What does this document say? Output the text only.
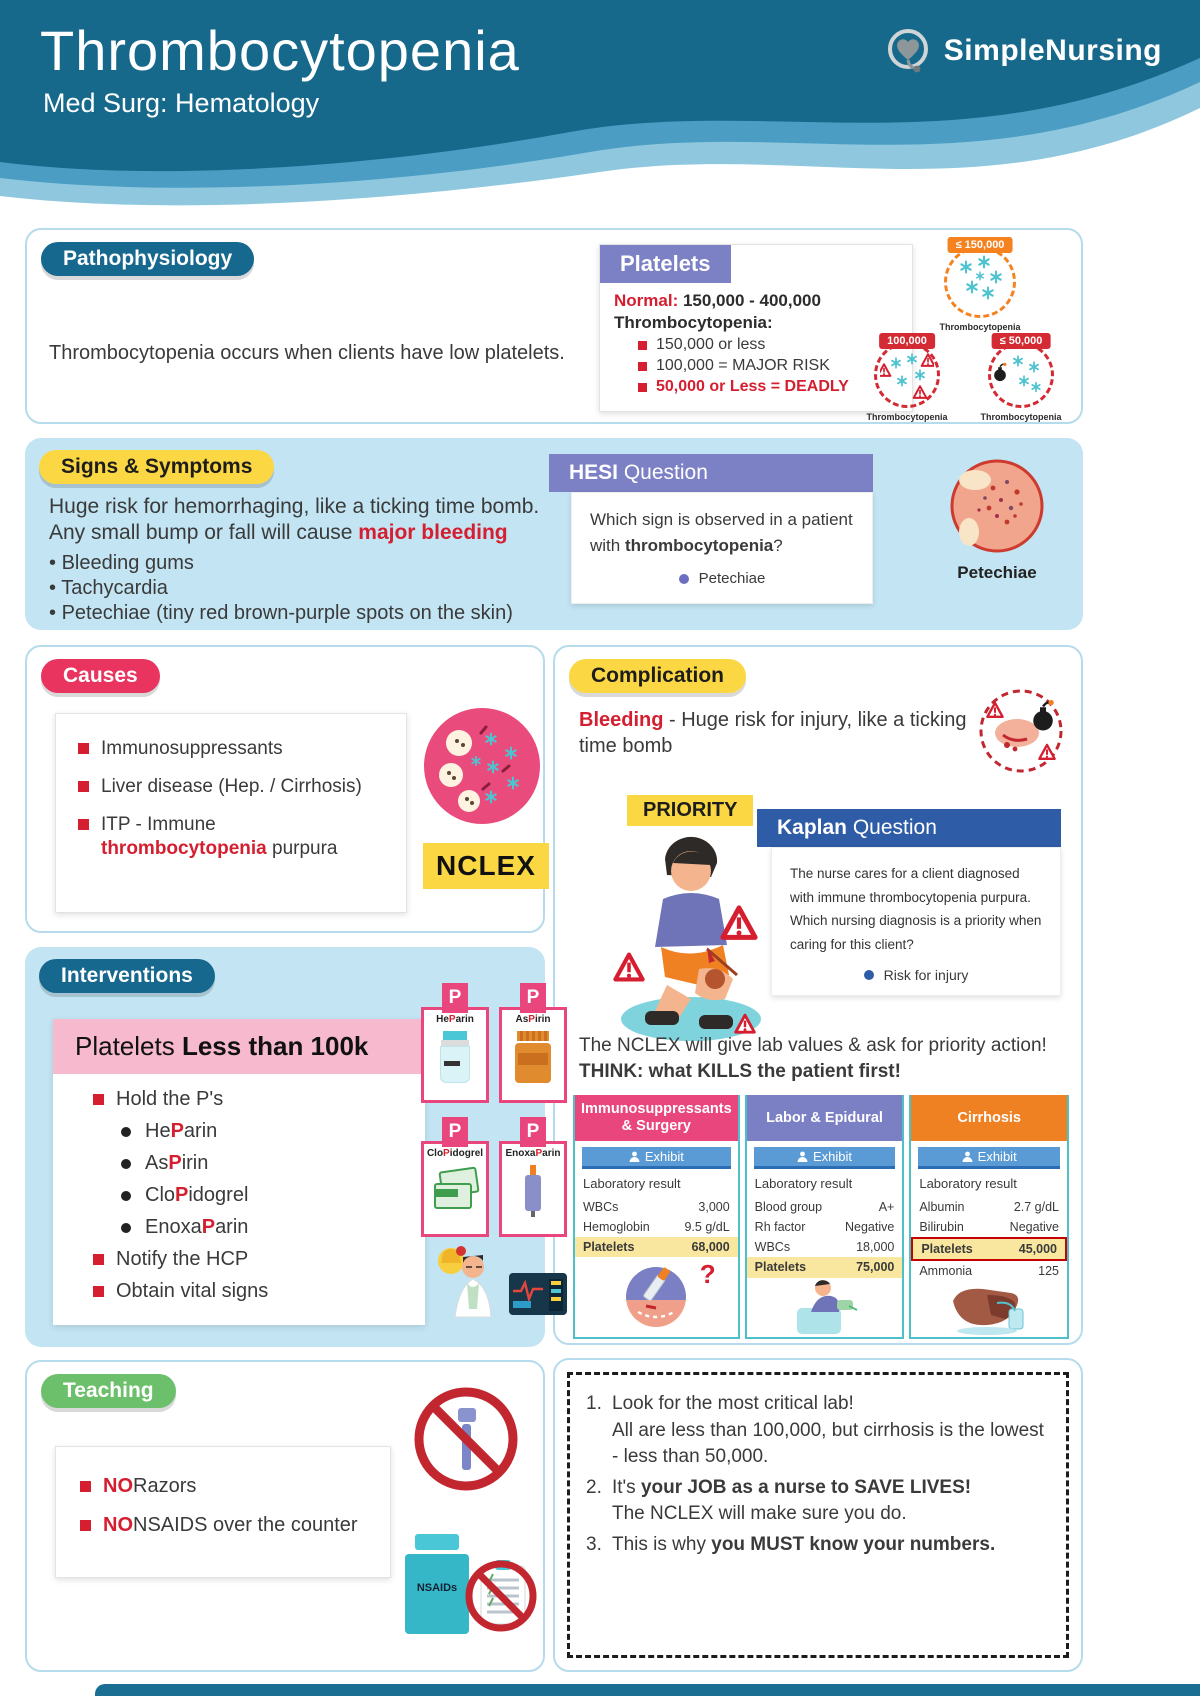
Thrombocytopenia
Med Surg: Hematology
SimpleNursing
Pathophysiology

Thrombocytopenia occurs when clients have low platelets.

Platelets
Normal: 150,000 - 400,000
Thrombocytopenia:
150,000 or less
100,000 = MAJOR RISK
50,000 or Less = DEADLY
≤ 150,000
Thrombocytopenia
100,000
Thrombocytopenia
≤ 50,000
Thrombocytopenia
Signs & Symptoms
Huge risk for hemorrhaging, like a ticking time bomb.
Any small bump or fall will cause major bleeding
• Bleeding gums
• Tachycardia
• Petechiae (tiny red brown-purple spots on the skin)
HESI Question
Which sign is observed in a patient with thrombocytopenia?
Petechiae	Petechiae
Causes
Immunosuppressants
Liver disease (Hep. / Cirrhosis)
ITP - Immune
thrombocytopenia purpura
NCLEX
Complication
Bleeding - Huge risk for injury, like a ticking time bomb
PRIORITY
Kaplan Question
The nurse cares for a client diagnosed with immune thrombocytopenia purpura. Which nursing diagnosis is a priority when caring for this client?
Risk for injury
The NCLEX will give lab values & ask for priority action!
THINK: what KILLS the patient first!
Immunosuppressants & Surgery
Exhibit
Laboratory result
WBCs	3,000
Hemoglobin	9.5 g/dL
Platelets	68,000
?
Labor & Epidural
Exhibit
Laboratory result
Blood group	A+
Rh factor	Negative
WBCs	18,000
Platelets	75,000
Cirrhosis
Exhibit
Laboratory result
Albumin	2.7 g/dL
Bilirubin	Negative
Platelets	45,000
Ammonia	125
Interventions
Platelets Less than 100k
Hold the P's
HeParin
AsPirin
CloPidogrel
EnoxaParin
Notify the HCP
Obtain vital signs
P
HeParin
P
AsPirin
P
CloPidogrel
P
EnoxaParin
Teaching
NO Razors
NO NSAIDS over the counter
NSAIDs
1. Look for the most critical lab!
All are less than 100,000, but cirrhosis is the lowest - less than 50,000.
2. It's your JOB as a nurse to SAVE LIVES!
The NCLEX will make sure you do.
3. This is why you MUST know your numbers.
